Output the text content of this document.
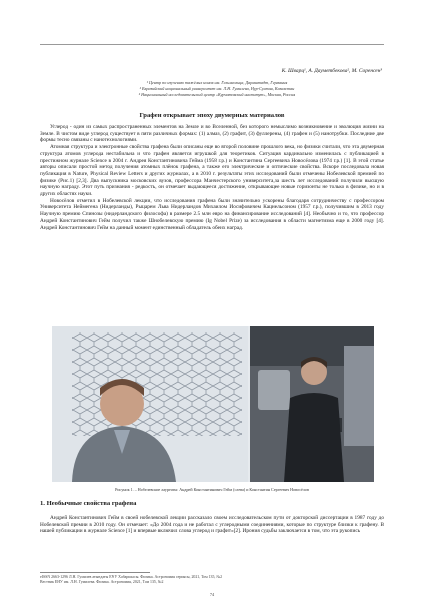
К. Шварц¹, А. Дауметбекова², М. Соренсен³
¹ Центр по изучению тяжёлых ионов им. Гельмгольца, Дармштадт, Германия
² Евразийский национальный университет им. Л.Н. Гумилева, Нур-Султан, Казахстан
³ Национальный исследовательский центр «Курчатовский институт», Москва, Россия
Графен открывает эпоху двумерных материалов

Углерод - один из самых распространенных элементов на Земле и во Вселенной, без которого немыслимо возникновение и эволюция жизни на Земле. В чистом виде углерод существует в пяти различных формах: (1) алмаз, (2) графит, (3) фуллерены, (4) графен и (5) нанотрубки. Последние две формы тесно связаны с нанотехнологиями.

Атомная структура и электронные свойства графена были описаны еще во второй половине прошлого века, но физики считали, что эта двумерная структура атомов углерода нестабильна и что графен является игрушкой для теоретиков. Ситуация кардинально изменилась с публикацией в престижном журнале Science в 2004 г. Андрея Константиновича Гейма (1958 г.р.) и Константина Сергеевича Новосёлова (1974 г.р.) [1]. В этой статье авторы описали простой метод получения атомных плёнок графена, а также его электрические и оптические свойства. Вскоре последовала новая публикация в Nature, Physical Review Letters и других журналах, а в 2010 г. результаты этих исследований были отмечены Нобелевской премией по физике (Рис.1) [2,3]. Два выпускника московских вузов, профессора Манчестерского университета,за шесть лет исследований получили высшую научную награду. Этот путь признания - редкость, он отмечает выдающееся достижение, открывающее новые горизонты не только в физике, но и в других областях науки.

Новосёлов отметил в Нобелевской лекции, что исследования графена были значительно ускорены благодаря сотрудничеству с профессором Университета Неймегена (Нидерланды), Рыцарем Льва Нидерландов Михаилом Иосифовичем Кацнельсоном (1957 г.р.), получившим в 2013 году Научную премию Спинозы (нидерландского философа) в размере 2.5 млн евро на финансирование исследований [4]. Необычно и то, что профессор Андрей Константинович Гейм получил также Шнобелевскую премию (Ig Nobel Prize) за исследования в области магнетизма еще в 2000 году [4]. Андрей Константинович Гейм на данный момент единственный обладатель обеих наград.

Рисунок 1. – Нобелевские лауреаты: Андрей Константинович Гейм (слева) и Константин Сергеевич Новосёлов
1. Необычные свойства графена

Андрей Константинович Гейм в своей нобелевской лекции рассказало своем исследовательском пути от докторской диссертации в 1987 году до Нобелевской премии в 2010 году. Он отмечает: «До 2004 года и не работал с углеродными соединениями, которые по структуре близки к графену. В нашей публикации в журнале Science [1] и впервые включил слова углерод и графит»[2]. Ирония судьбы заключается в том, что эта рукопись

eISSN 2663-1296 Л.Н. Гумилев атындағы ЕҰУ Хабаршысы. Физика. Астрономия сериясы, 2021, Том 135, №2
Вестник ЕНУ им. Л.Н. Гумилева. Физика. Астрономия, 2021, Том 135, №2
74
